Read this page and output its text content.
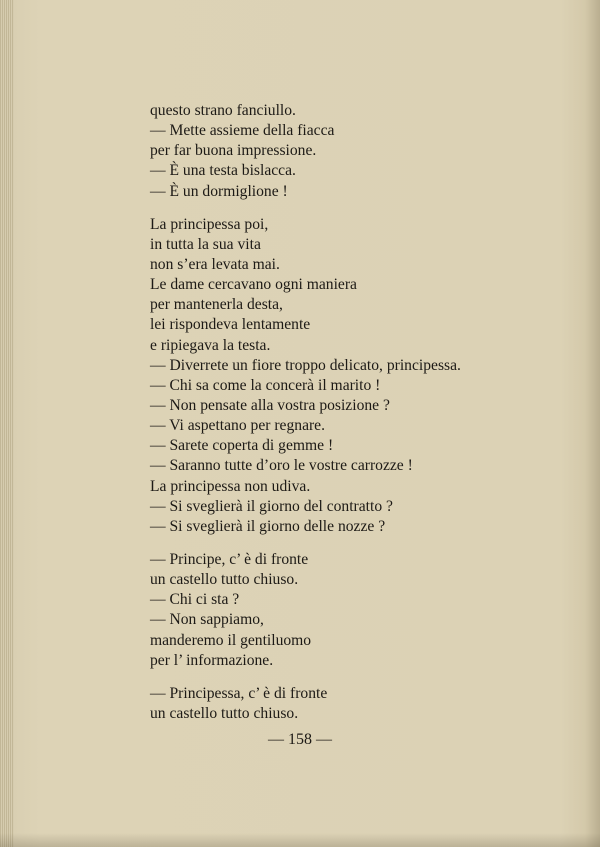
questo strano fanciullo.
— Mette assieme della fiacca
per far buona impressione.
— È una testa bislacca.
— È un dormiglione !
La principessa poi,
in tutta la sua vita
non s’era levata mai.
Le dame cercavano ogni maniera
per mantenerla desta,
lei rispondeva lentamente
e ripiegava la testa.
— Diverrete un fiore troppo delicato, principessa.
— Chi sa come la concerà il marito !
— Non pensate alla vostra posizione ?
— Vi aspettano per regnare.
— Sarete coperta di gemme !
— Saranno tutte d’oro le vostre carrozze !
La principessa non udiva.
— Si sveglierà il giorno del contratto ?
— Si sveglierà il giorno delle nozze ?
— Principe, c’ è di fronte
un castello tutto chiuso.
— Chi ci sta ?
— Non sappiamo,
manderemo il gentiluomo
per l’ informazione.
— Principessa, c’ è di fronte
un castello tutto chiuso.
— 158 —
